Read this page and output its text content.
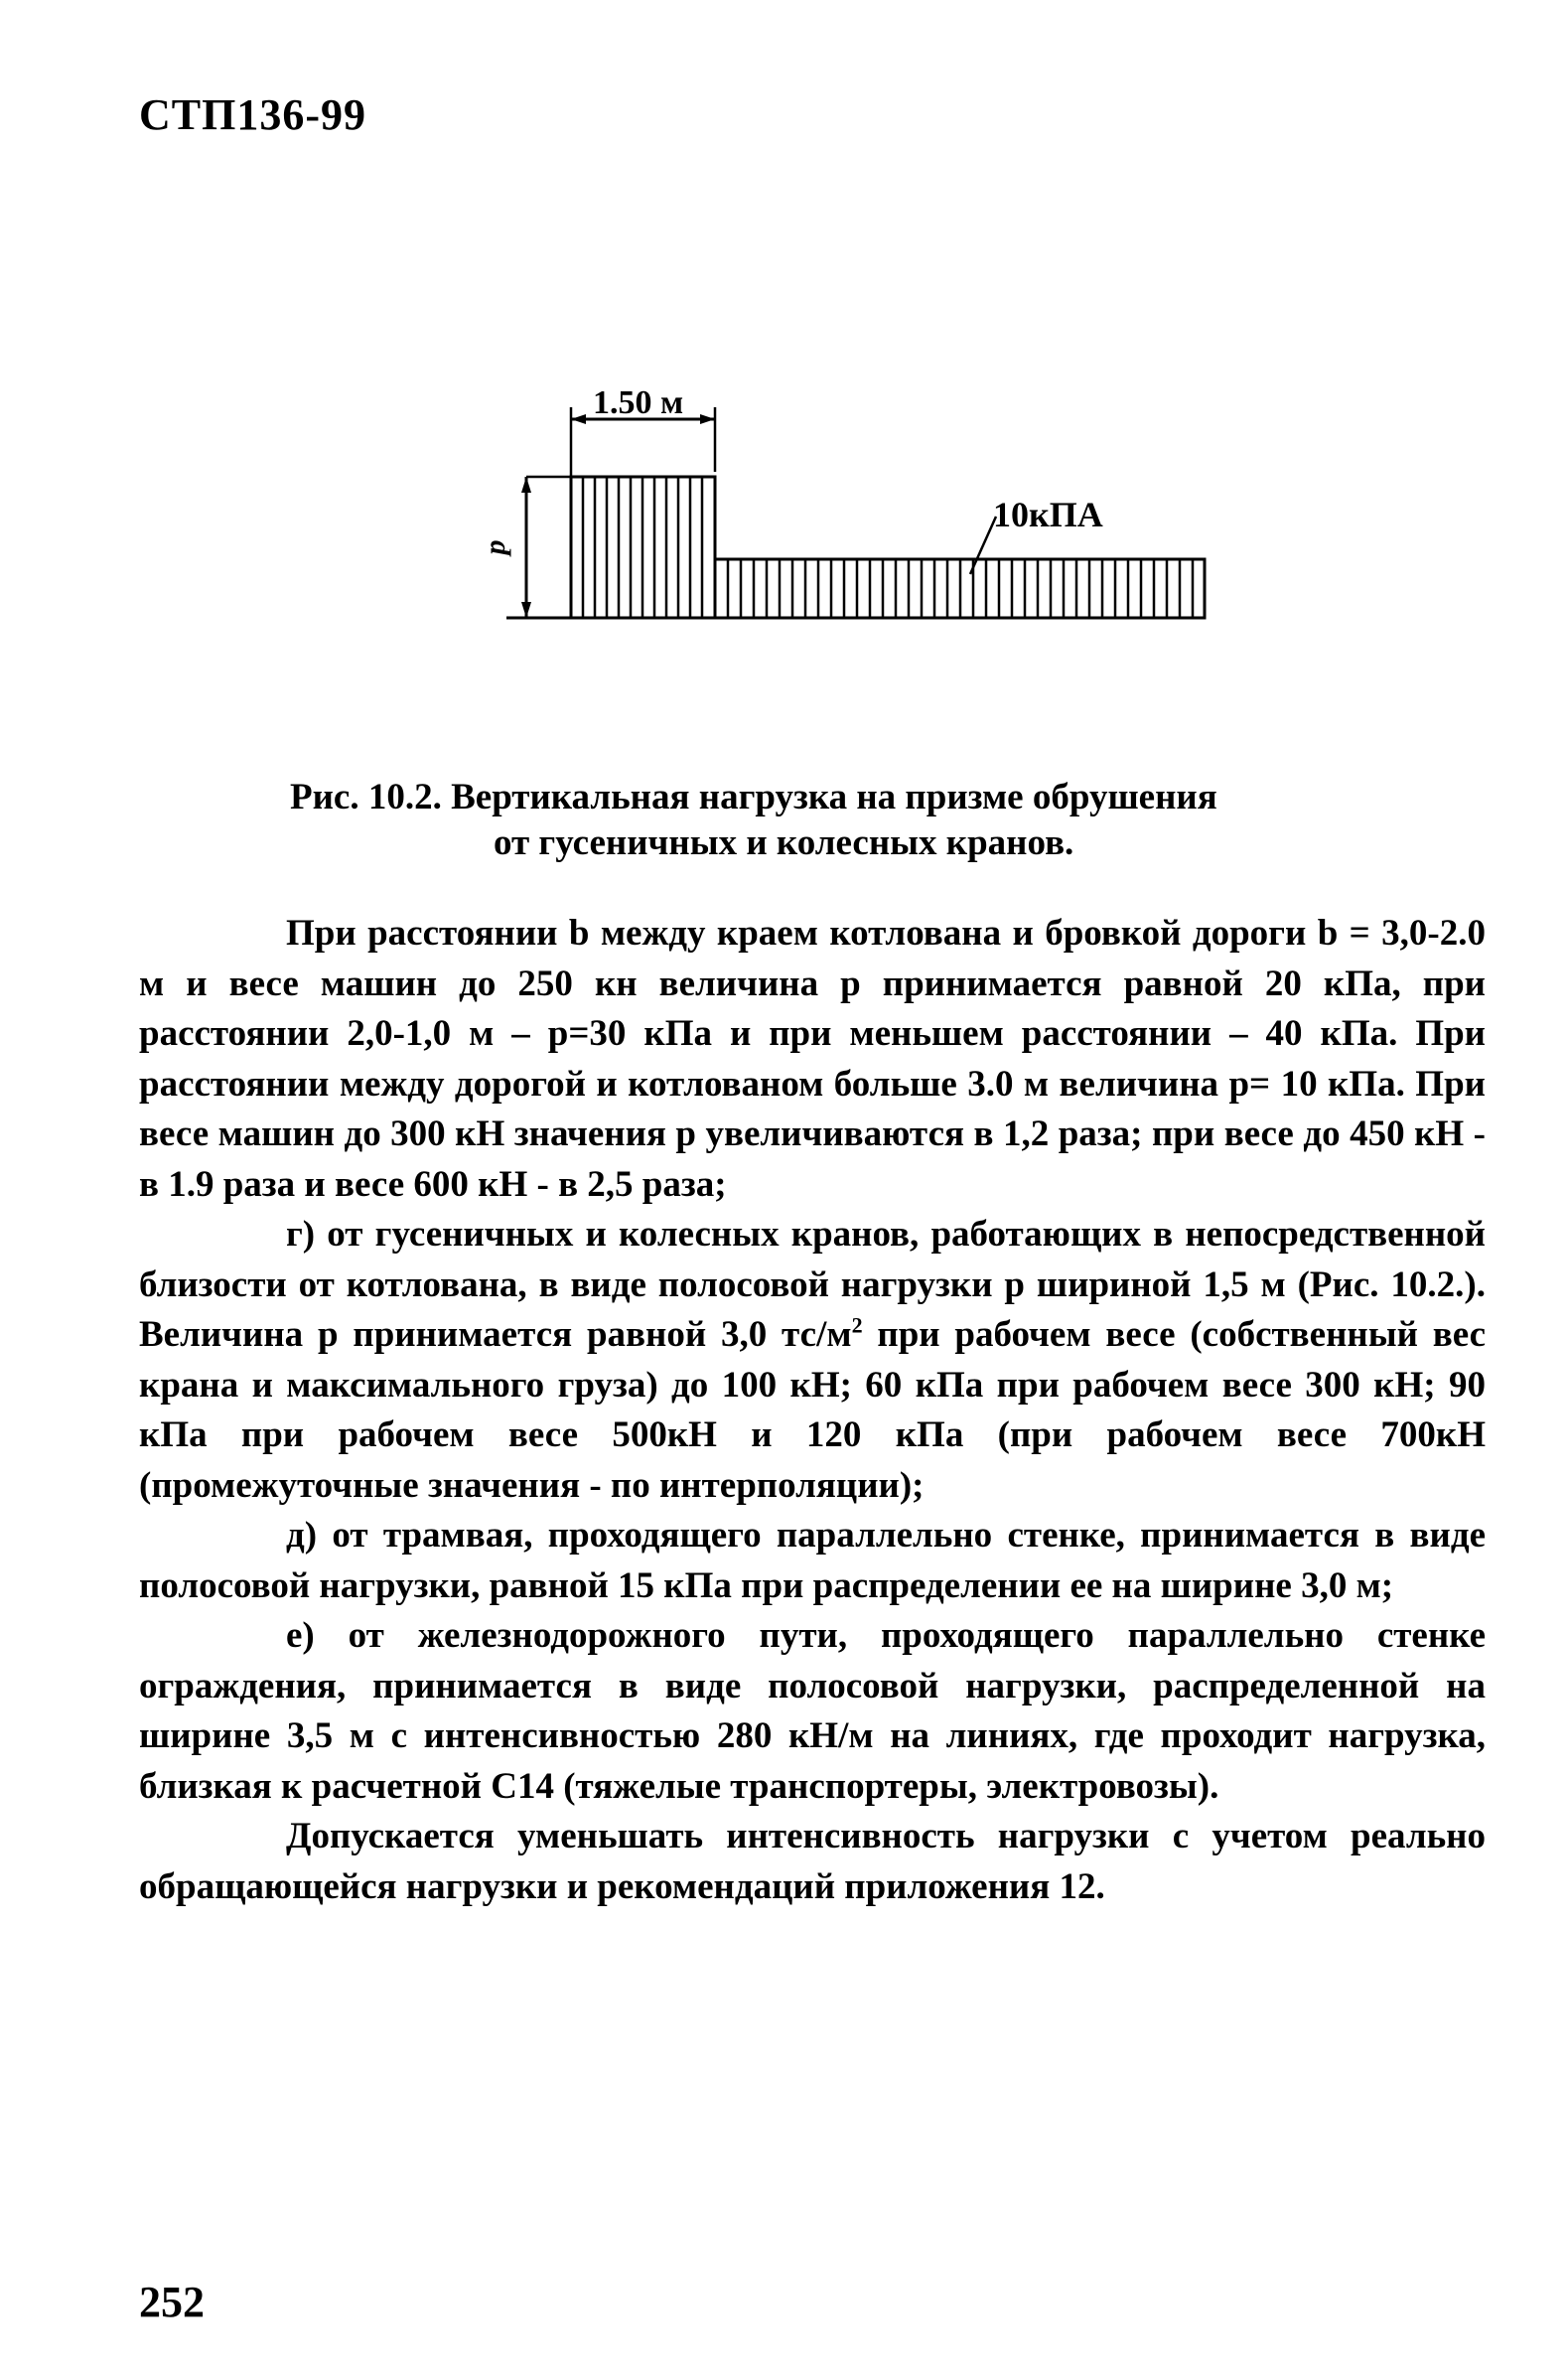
СТП136-99
1.50 м
p
10кПА
Рис. 10.2. Вертикальная нагрузка на призме обрушения
от гусеничных и колесных кранов.

При расстоянии b между краем котлована и бровкой дороги b = 3,0-2.0 м и весе машин до 250 кн величина p принимается равной 20 кПа, при расстоянии 2,0-1,0 м – p=30 кПа и при меньшем расстоянии – 40 кПа. При расстоянии между дорогой и котлованом больше 3.0 м величина p= 10 кПа. При весе машин до 300 кН значения p увеличиваются в 1,2 раза; при весе до 450 кН - в 1.9 раза и весе 600 кН - в 2,5 раза;

г) от гусеничных и колесных кранов, работающих в непосредственной близости от котлована, в виде полосовой нагрузки p шириной 1,5 м (Рис. 10.2.). Величина p принимается равной 3,0 $тс/м^2$ при рабочем весе (собственный вес крана и максимального груза) до 100 кН; 60 кПа при рабочем весе 300 кН; 90 кПа при рабочем весе 500кН и 120 кПа (при рабочем весе 700кН (промежуточные значения - по интерполяции);

д) от трамвая, проходящего параллельно стенке, принимается в виде полосовой нагрузки, равной 15 кПа при распределении ее на ширине 3,0 м;

е) от железнодорожного пути, проходящего параллельно стенке ограждения, принимается в виде полосовой нагрузки, распределенной на ширине 3,5 м с интенсивностью 280 кН/м на линиях, где проходит нагрузка, близкая к расчетной С14 (тяжелые транспортеры, электровозы).

Допускается уменьшать интенсивность нагрузки с учетом реально обращающейся нагрузки и рекомендаций приложения 12.

252
